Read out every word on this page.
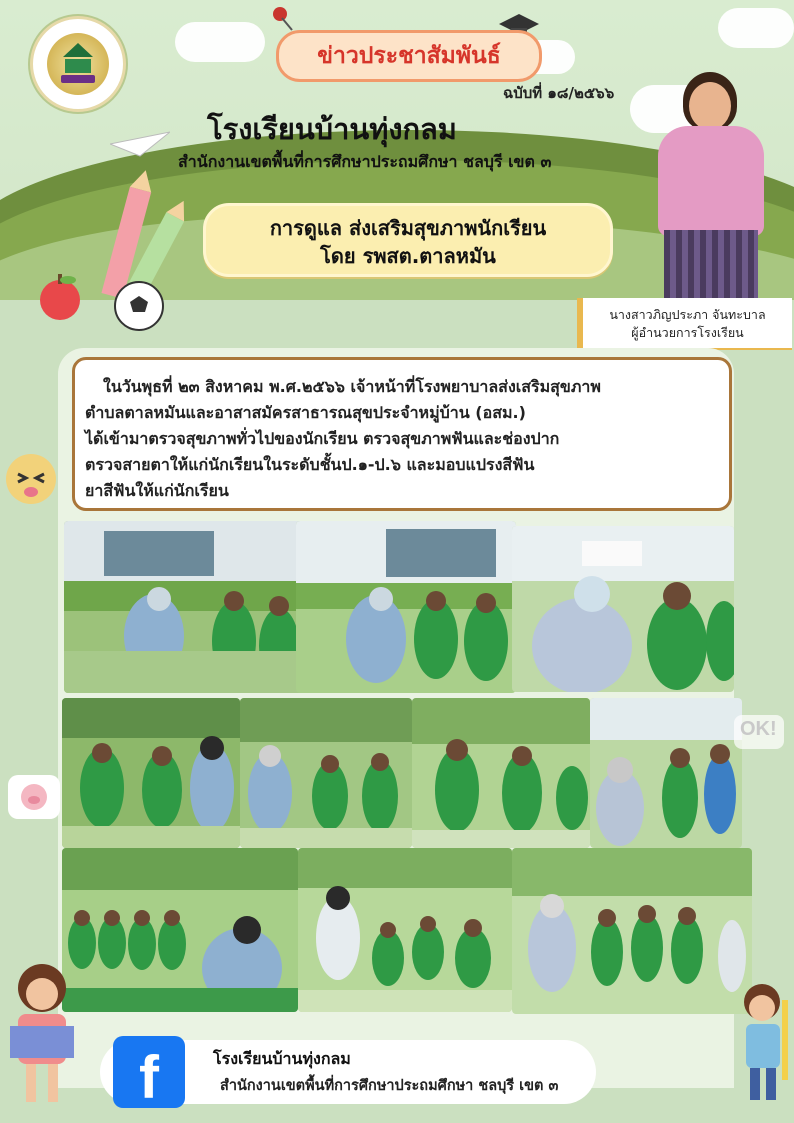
ข่าวประชาสัมพันธ์
ฉบับที่ ๑๘/๒๕๖๖
โรงเรียนบ้านทุ่งกลม
สำนักงานเขตพื้นที่การศึกษาประถมศึกษา ชลบุรี เขต ๓
การดูแล ส่งเสริมสุขภาพนักเรียน
โดย รพสต.ตาลหมัน
นางสาวภิญประภา จันทะบาล
ผู้อำนวยการโรงเรียน

ในวันพุธที่ ๒๓ สิงหาคม พ.ศ.๒๕๖๖ เจ้าหน้าที่โรงพยาบาลส่งเสริมสุขภาพ

ตำบลตาลหมันและอาสาสมัครสาธารณสุขประจำหมู่บ้าน (อสม.)

ได้เข้ามาตรวจสุขภาพทั่วไปของนักเรียน ตรวจสุขภาพฟันและช่องปาก

ตรวจสายตาให้แก่นักเรียนในระดับชั้นป.๑-ป.๖ และมอบแปรงสีฟัน

ยาสีฟันให้แก่นักเรียน

OK!
f	โรงเรียนบ้านทุ่งกลม
สำนักงานเขตพื้นที่การศึกษาประถมศึกษา ชลบุรี เขต ๓
